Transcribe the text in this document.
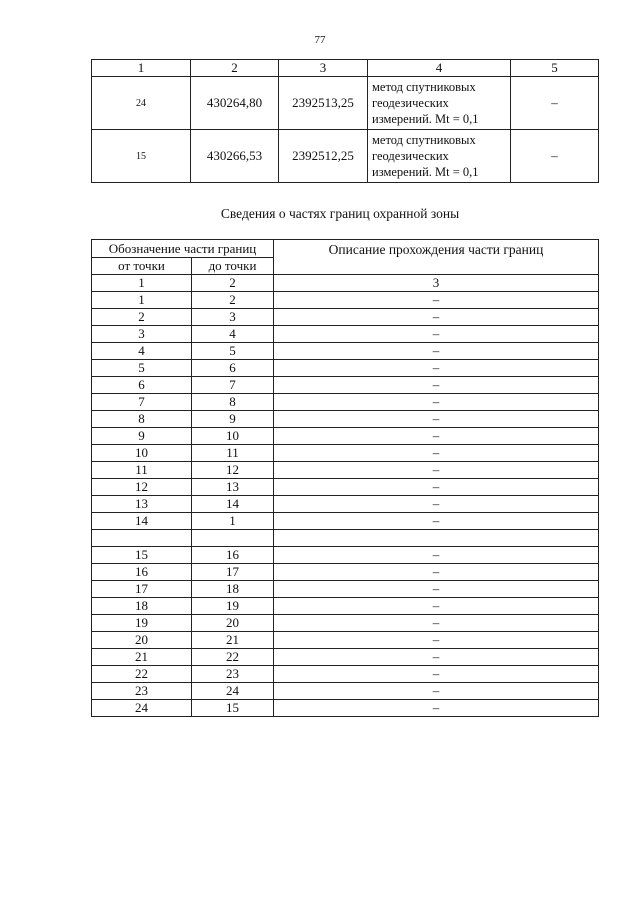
77
1	2	3	4	5
24	430264,80	2392513,25	метод спутниковых
геодезических
измерений. Mt = 0,1	–
15	430266,53	2392512,25	метод спутниковых
геодезических
измерений. Mt = 0,1	–
Сведения о частях границ охранной зоны
Обозначение части границ		Описание прохождения части границ
от точки	до точки	
1	2	3
1	2	–
2	3	–
3	4	–
4	5	–
5	6	–
6	7	–
7	8	–
8	9	–
9	10	–
10	11	–
11	12	–
12	13	–
13	14	–
14	1	–

15	16	–
16	17	–
17	18	–
18	19	–
19	20	–
20	21	–
21	22	–
22	23	–
23	24	–
24	15	–
